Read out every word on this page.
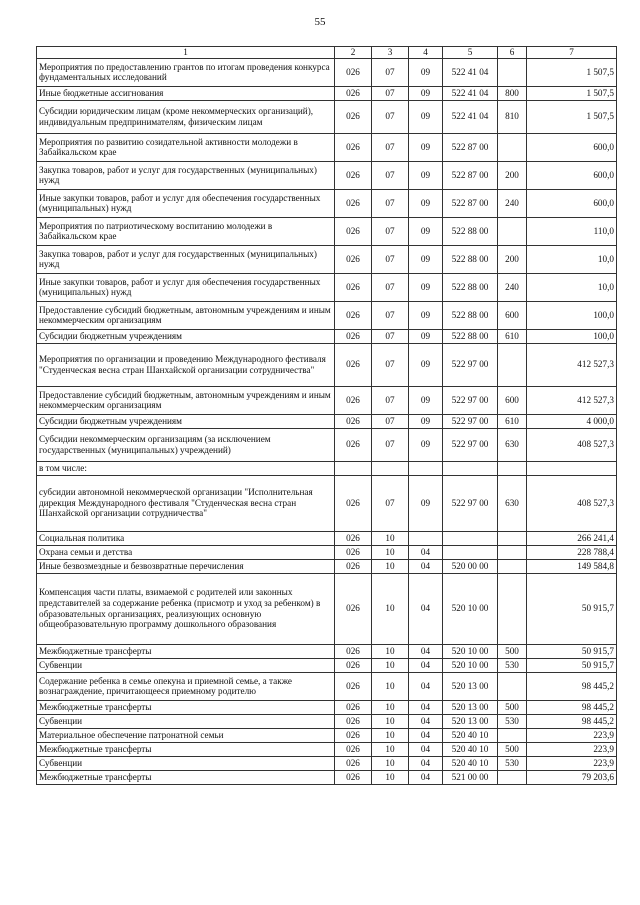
55
1	2	3	4	5	6	7
Мероприятия по предоставлению грантов по итогам проведения конкурса фундаментальных исследований	026	07	09	522 41 04		1 507,5
Иные бюджетные ассигнования	026	07	09	522 41 04	800	1 507,5
Субсидии юридическим лицам (кроме некоммерческих организаций), индивидуальным предпринимателям, физическим лицам	026	07	09	522 41 04	810	1 507,5
Мероприятия по развитию созидательной активности молодежи в Забайкальском крае	026	07	09	522 87 00		600,0
Закупка товаров, работ и услуг для государственных (муниципальных) нужд	026	07	09	522 87 00	200	600,0
Иные закупки товаров, работ и услуг для обеспечения государственных (муниципальных) нужд	026	07	09	522 87 00	240	600,0
Мероприятия по патриотическому воспитанию молодежи в Забайкальском крае	026	07	09	522 88 00		110,0
Закупка товаров, работ и услуг для государственных (муниципальных) нужд	026	07	09	522 88 00	200	10,0
Иные закупки товаров, работ и услуг для обеспечения государственных (муниципальных) нужд	026	07	09	522 88 00	240	10,0
Предоставление субсидий бюджетным, автономным учреждениям и иным некоммерческим организациям	026	07	09	522 88 00	600	100,0
Субсидии бюджетным учреждениям	026	07	09	522 88 00	610	100,0
Мероприятия по организации и проведению Международного фестиваля "Студенческая весна стран Шанхайской организации сотрудничества"	026	07	09	522 97 00		412 527,3
Предоставление субсидий бюджетным, автономным учреждениям и иным некоммерческим организациям	026	07	09	522 97 00	600	412 527,3
Субсидии бюджетным учреждениям	026	07	09	522 97 00	610	4 000,0
Субсидии некоммерческим организациям (за исключением государственных (муниципальных) учреждений)	026	07	09	522 97 00	630	408 527,3
в том числе:						
субсидии автономной некоммерческой организации "Исполнительная дирекция Международного фестиваля "Студенческая весна стран Шанхайской организации сотрудничества"	026	07	09	522 97 00	630	408 527,3
Социальная политика	026	10				266 241,4
Охрана семьи и детства	026	10	04			228 788,4
Иные безвозмездные и безвозвратные перечисления	026	10	04	520 00 00		149 584,8
Компенсация части платы, взимаемой с родителей или законных представителей за содержание ребенка (присмотр и уход за ребенком) в образовательных организациях, реализующих основную общеобразовательную программу дошкольного образования	026	10	04	520 10 00		50 915,7
Межбюджетные трансферты	026	10	04	520 10 00	500	50 915,7
Субвенции	026	10	04	520 10 00	530	50 915,7
Содержание ребенка в семье опекуна и приемной семье, а также вознаграждение, причитающееся приемному родителю	026	10	04	520 13 00		98 445,2
Межбюджетные трансферты	026	10	04	520 13 00	500	98 445,2
Субвенции	026	10	04	520 13 00	530	98 445,2
Материальное обеспечение патронатной семьи	026	10	04	520 40 10		223,9
Межбюджетные трансферты	026	10	04	520 40 10	500	223,9
Субвенции	026	10	04	520 40 10	530	223,9
Межбюджетные трансферты	026	10	04	521 00 00		79 203,6
